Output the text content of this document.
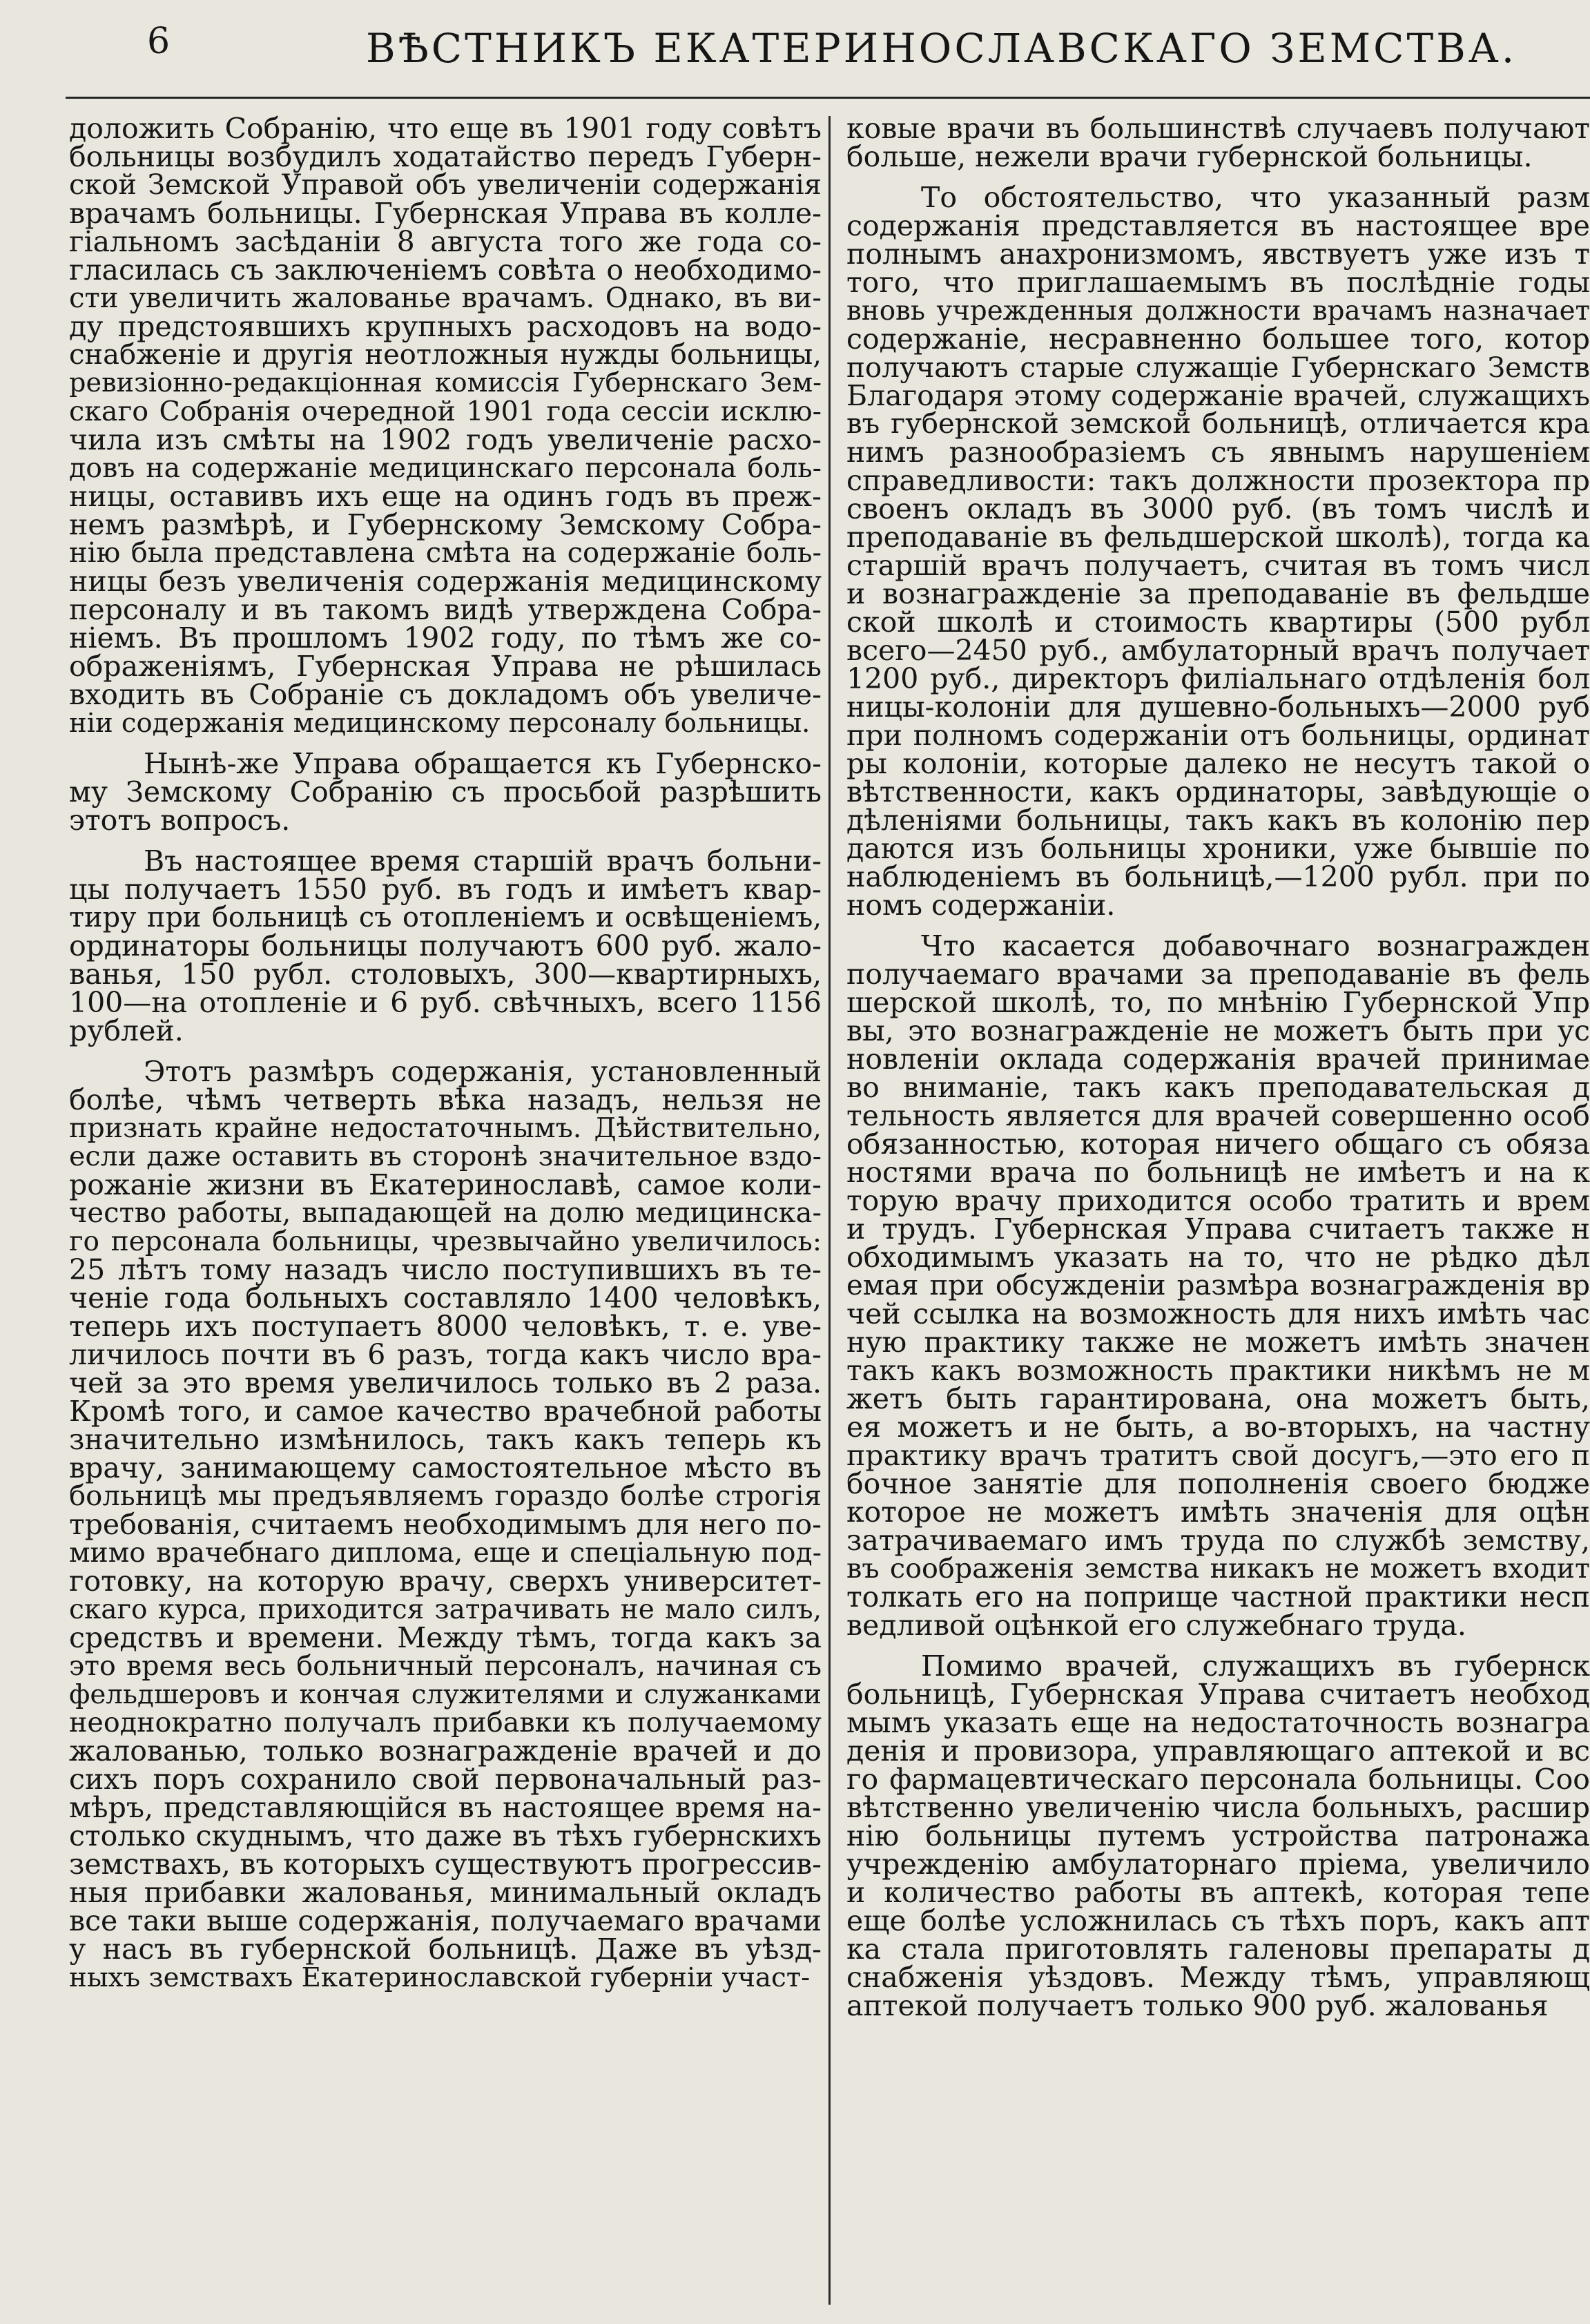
6	ВѢСТНИКЪ ЕКАТЕРИНОСЛАВСКАГО ЗЕМСТВА.
доложить Собранію, что еще въ 1901 году совѣтъ
больницы возбудилъ ходатайство передъ Губерн-
ской Земской Управой объ увеличеніи содержанія
врачамъ больницы. Губернская Управа въ колле-
гіальномъ засѣданіи 8 августа того же года со-
гласилась съ заключеніемъ совѣта о необходимо-
сти увеличить жалованье врачамъ. Однако, въ ви-
ду предстоявшихъ крупныхъ расходовъ на водо-
снабженіе и другія неотложныя нужды больницы,
ревизіонно-редакціонная комиссія Губернскаго Зем-
скаго Собранія очередной 1901 года сессіи исклю-
чила изъ смѣты на 1902 годъ увеличеніе расхо-
довъ на содержаніе медицинскаго персонала боль-
ницы, оставивъ ихъ еще на одинъ годъ въ преж-
немъ размѣрѣ, и Губернскому Земскому Собра-
нію была представлена смѣта на содержаніе боль-
ницы безъ увеличенія содержанія медицинскому
персоналу и въ такомъ видѣ утверждена Собра-
ніемъ. Въ прошломъ 1902 году, по тѣмъ же со-
ображеніямъ, Губернская Управа не рѣшилась
входить въ Собраніе съ докладомъ объ увеличе-
ніи содержанія медицинскому персоналу больницы.
Нынѣ-же Управа обращается къ Губернско-
му Земскому Собранію съ просьбой разрѣшить
этотъ вопросъ.
Въ настоящее время старшій врачъ больни-
цы получаетъ 1550 руб. въ годъ и имѣетъ квар-
тиру при больницѣ съ отопленіемъ и освѣщеніемъ,
ординаторы больницы получаютъ 600 руб. жало-
ванья, 150 рубл. столовыхъ, 300—квартирныхъ,
100—на отопленіе и 6 руб. свѣчныхъ, всего 1156
рублей.
Этотъ размѣръ содержанія, установленный
болѣе, чѣмъ четверть вѣка назадъ, нельзя не
признать крайне недостаточнымъ. Дѣйствительно,
если даже оставить въ сторонѣ значительное вздо-
рожаніе жизни въ Екатеринославѣ, самое коли-
чество работы, выпадающей на долю медицинска-
го персонала больницы, чрезвычайно увеличилось:
25 лѣтъ тому назадъ число поступившихъ въ те-
ченіе года больныхъ составляло 1400 человѣкъ,
теперь ихъ поступаетъ 8000 человѣкъ, т. е. уве-
личилось почти въ 6 разъ, тогда какъ число вра-
чей за это время увеличилось только въ 2 раза.
Кромѣ того, и самое качество врачебной работы
значительно измѣнилось, такъ какъ теперь къ
врачу, занимающему самостоятельное мѣсто въ
больницѣ мы предъявляемъ гораздо болѣе строгія
требованія, считаемъ необходимымъ для него по-
мимо врачебнаго диплома, еще и спеціальную под-
готовку, на которую врачу, сверхъ университет-
скаго курса, приходится затрачивать не мало силъ,
средствъ и времени. Между тѣмъ, тогда какъ за
это время весь больничный персоналъ, начиная съ
фельдшеровъ и кончая служителями и служанками
неоднократно получалъ прибавки къ получаемому
жалованью, только вознагражденіе врачей и до
сихъ поръ сохранило свой первоначальный раз-
мѣръ, представляющійся въ настоящее время на-
столько скуднымъ, что даже въ тѣхъ губернскихъ
земствахъ, въ которыхъ существуютъ прогрессив-
ныя прибавки жалованья, минимальный окладъ
все таки выше содержанія, получаемаго врачами
у насъ въ губернской больницѣ. Даже въ уѣзд-
ныхъ земствахъ Екатеринославской губерніи участ-
ковые врачи въ большинствѣ случаевъ получают
больше, нежели врачи губернской больницы.
То обстоятельство, что указанный разм
содержанія представляется въ настоящее вре
полнымъ анахронизмомъ, явствуетъ уже изъ т
того, что приглашаемымъ въ послѣдніе годы
вновь учрежденныя должности врачамъ назначает
содержаніе, несравненно большее того, котор
получаютъ старые служащіе Губернскаго Земств
Благодаря этому содержаніе врачей, служащихъ
въ губернской земской больницѣ, отличается кра
нимъ разнообразіемъ съ явнымъ нарушеніем
справедливости: такъ должности прозектора пр
своенъ окладъ въ 3000 руб. (въ томъ числѣ и
преподаваніе въ фельдшерской школѣ), тогда ка
старшій врачъ получаетъ, считая въ томъ числ
и вознагражденіе за преподаваніе въ фельдше
ской школѣ и стоимость квартиры (500 рубл
всего—2450 руб., амбулаторный врачъ получает
1200 руб., директоръ филіальнаго отдѣленія бол
ницы-колоніи для душевно-больныхъ—2000 руб
при полномъ содержаніи отъ больницы, ординат
ры колоніи, которые далеко не несутъ такой о
вѣтственности, какъ ординаторы, завѣдующіе о
дѣленіями больницы, такъ какъ въ колонію пер
даются изъ больницы хроники, уже бывшіе по
наблюденіемъ въ больницѣ,—1200 рубл. при по
номъ содержаніи.
Что касается добавочнаго вознагражден
получаемаго врачами за преподаваніе въ фель
шерской школѣ, то, по мнѣнію Губернской Упр
вы, это вознагражденіе не можетъ быть при ус
новленіи оклада содержанія врачей принимае
во вниманіе, такъ какъ преподавательская д
тельность является для врачей совершенно особ
обязанностью, которая ничего общаго съ обяза
ностями врача по больницѣ не имѣетъ и на к
торую врачу приходится особо тратить и врем
и трудъ. Губернская Управа считаетъ также н
обходимымъ указать на то, что не рѣдко дѣл
емая при обсужденіи размѣра вознагражденія вр
чей ссылка на возможность для нихъ имѣть час
ную практику также не можетъ имѣть значен
такъ какъ возможность практики никѣмъ не м
жетъ быть гарантирована, она можетъ быть,
ея можетъ и не быть, а во-вторыхъ, на частну
практику врачъ тратитъ свой досугъ,—это его п
бочное занятіе для пополненія своего бюдже
которое не можетъ имѣть значенія для оцѣн
затрачиваемаго имъ труда по службѣ земству,
въ соображенія земства никакъ не можетъ входит
толкать его на поприще частной практики несп
ведливой оцѣнкой его служебнаго труда.
Помимо врачей, служащихъ въ губернск
больницѣ, Губернская Управа считаетъ необход
мымъ указать еще на недостаточность вознагра
денія и провизора, управляющаго аптекой и вс
го фармацевтическаго персонала больницы. Соо
вѣтственно увеличенію числа больныхъ, расшир
нію больницы путемъ устройства патронажа
учрежденію амбулаторнаго пріема, увеличило
и количество работы въ аптекѣ, которая тепе
еще болѣе усложнилась съ тѣхъ поръ, какъ апт
ка стала приготовлять галеновы препараты д
снабженія уѣздовъ. Между тѣмъ, управляющ
аптекой получаетъ только 900 руб. жалованья
